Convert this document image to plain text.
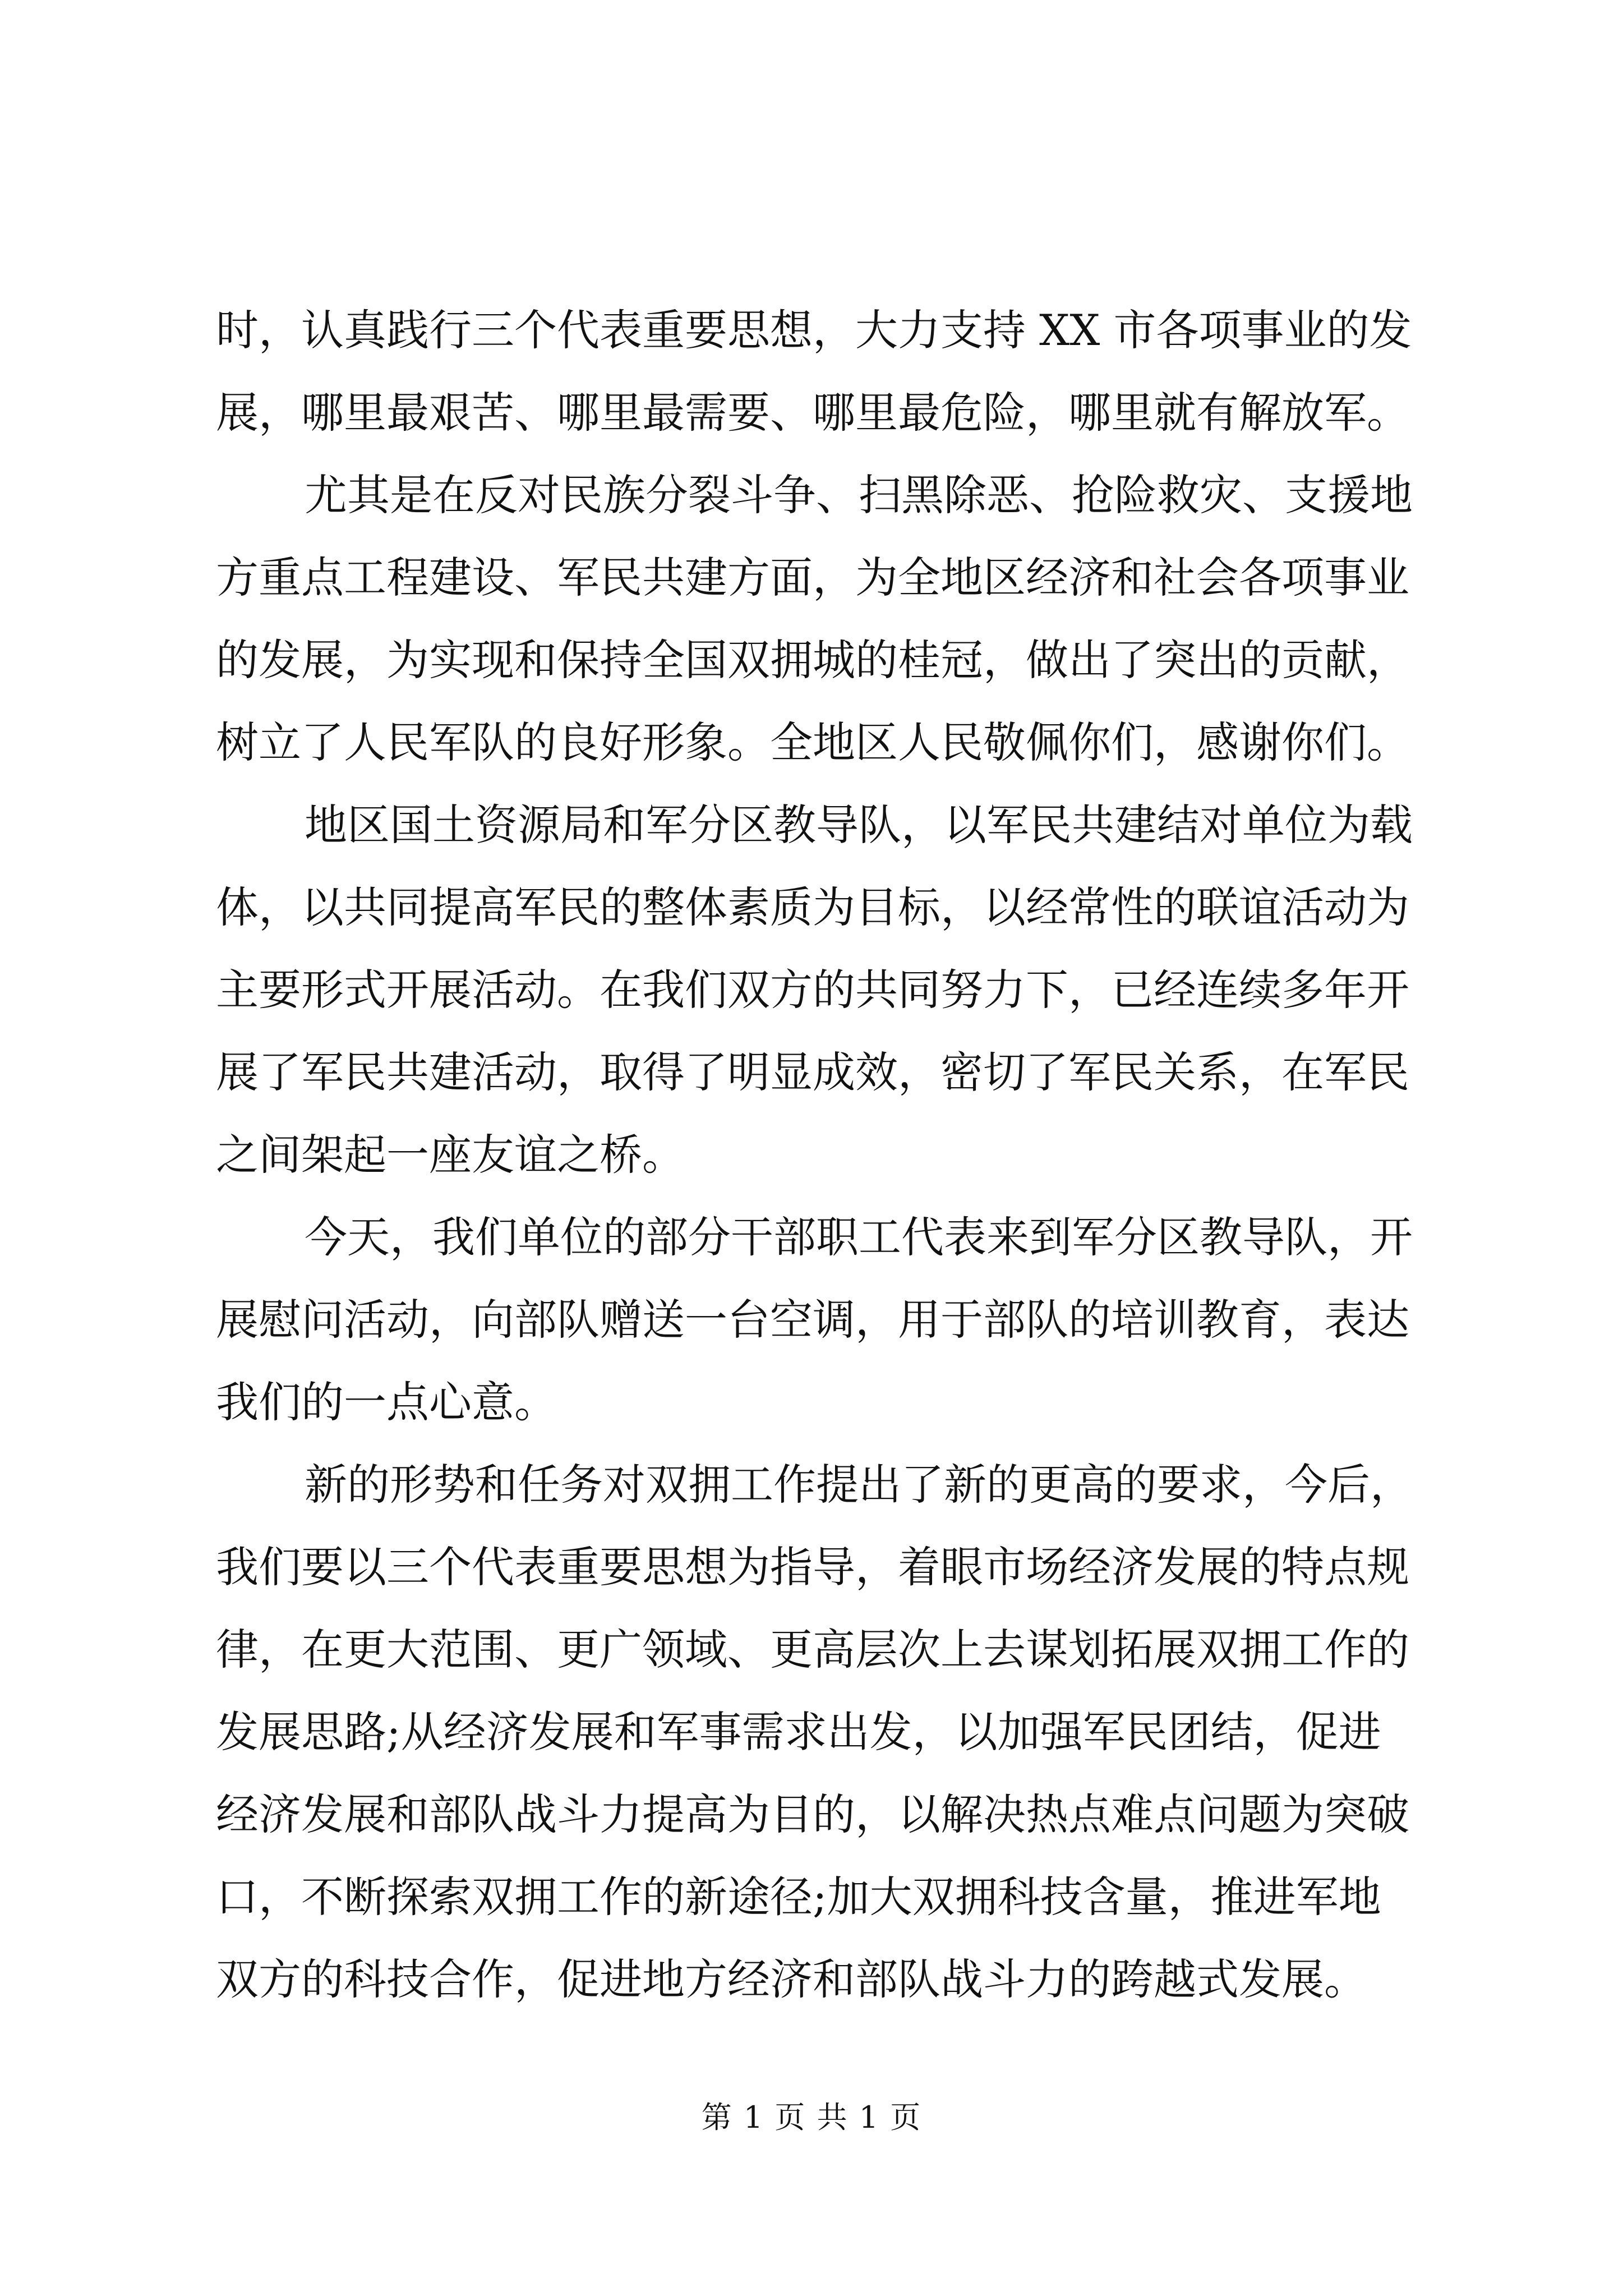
时，认真践行三个代表重要思想，大力支持 XX 市各项事业的发
展，哪里最艰苦、哪里最需要、哪里最危险，哪里就有解放军。
尤其是在反对民族分裂斗争、扫黑除恶、抢险救灾、支援地
方重点工程建设、军民共建方面，为全地区经济和社会各项事业
的发展，为实现和保持全国双拥城的桂冠，做出了突出的贡献，
树立了人民军队的良好形象。全地区人民敬佩你们，感谢你们。
地区国土资源局和军分区教导队，以军民共建结对单位为载
体，以共同提高军民的整体素质为目标，以经常性的联谊活动为
主要形式开展活动。在我们双方的共同努力下，已经连续多年开
展了军民共建活动，取得了明显成效，密切了军民关系，在军民
之间架起一座友谊之桥。
今天，我们单位的部分干部职工代表来到军分区教导队，开
展慰问活动，向部队赠送一台空调，用于部队的培训教育，表达
我们的一点心意。
新的形势和任务对双拥工作提出了新的更高的要求，今后，
我们要以三个代表重要思想为指导，着眼市场经济发展的特点规
律，在更大范围、更广领域、更高层次上去谋划拓展双拥工作的
发展思路;从经济发展和军事需求出发，以加强军民团结，促进
经济发展和部队战斗力提高为目的，以解决热点难点问题为突破
口，不断探索双拥工作的新途径;加大双拥科技含量，推进军地
双方的科技合作，促进地方经济和部队战斗力的跨越式发展。
第 1 页 共 1 页
